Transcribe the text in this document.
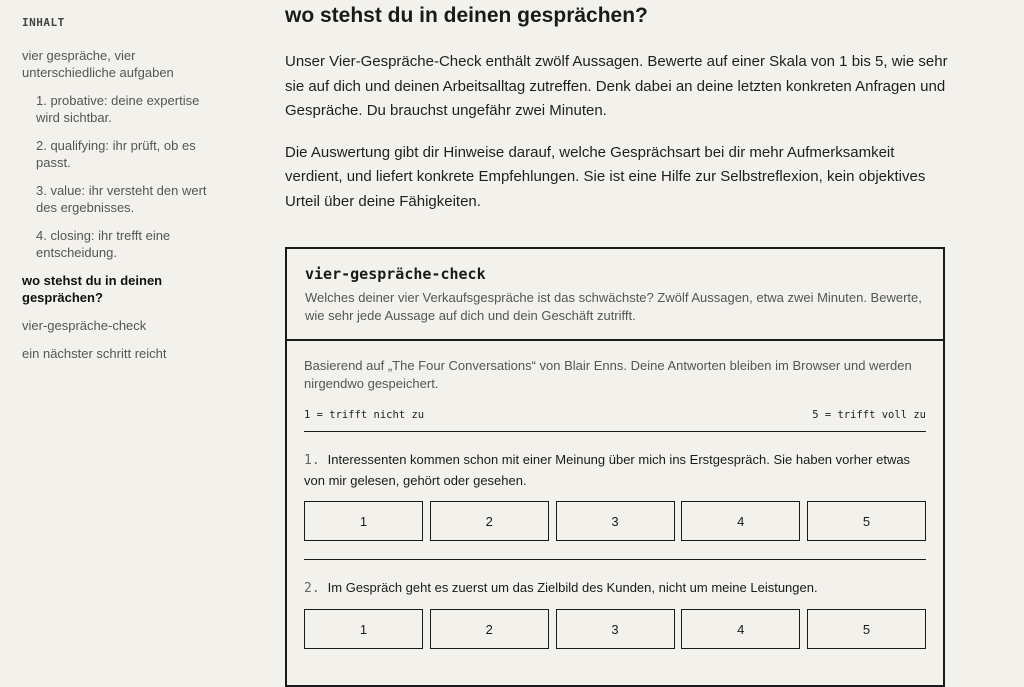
INHALT
vier gespräche, vier unterschiedliche aufgaben
1. probative: deine expertise wird sichtbar.
2. qualifying: ihr prüft, ob es passt.
3. value: ihr versteht den wert des ergebnisses.
4. closing: ihr trefft eine entscheidung.
wo stehst du in deinen gesprächen?
vier-gespräche-check
ein nächster schritt reicht
wo stehst du in deinen gesprächen?

Unser Vier-Gespräche-Check enthält zwölf Aussagen. Bewerte auf einer Skala von 1 bis 5, wie sehr sie auf dich und deinen Arbeitsalltag zutreffen. Denk dabei an deine letzten konkreten Anfragen und Gespräche. Du brauchst ungefähr zwei Minuten.

Die Auswertung gibt dir Hinweise darauf, welche Gesprächsart bei dir mehr Aufmerksamkeit verdient, und liefert konkrete Empfehlungen. Sie ist eine Hilfe zur Selbstreflexion, kein objektives Urteil über deine Fähigkeiten.

vier-gespräche-check

Welches deiner vier Verkaufsgespräche ist das schwächste? Zwölf Aussagen, etwa zwei Minuten. Bewerte, wie sehr jede Aussage auf dich und dein Geschäft zutrifft.

Basierend auf „The Four Conversations“ von Blair Enns. Deine Antworten bleiben im Browser und werden nirgendwo gespeichert.

1 = trifft nicht zu	5 = trifft voll zu

1. Interessenten kommen schon mit einer Meinung über mich ins Erstgespräch. Sie haben vorher etwas von mir gelesen, gehört oder gesehen.

1	2	3	4	5

2. Im Gespräch geht es zuerst um das Zielbild des Kunden, nicht um meine Leistungen.

1	2	3	4	5
